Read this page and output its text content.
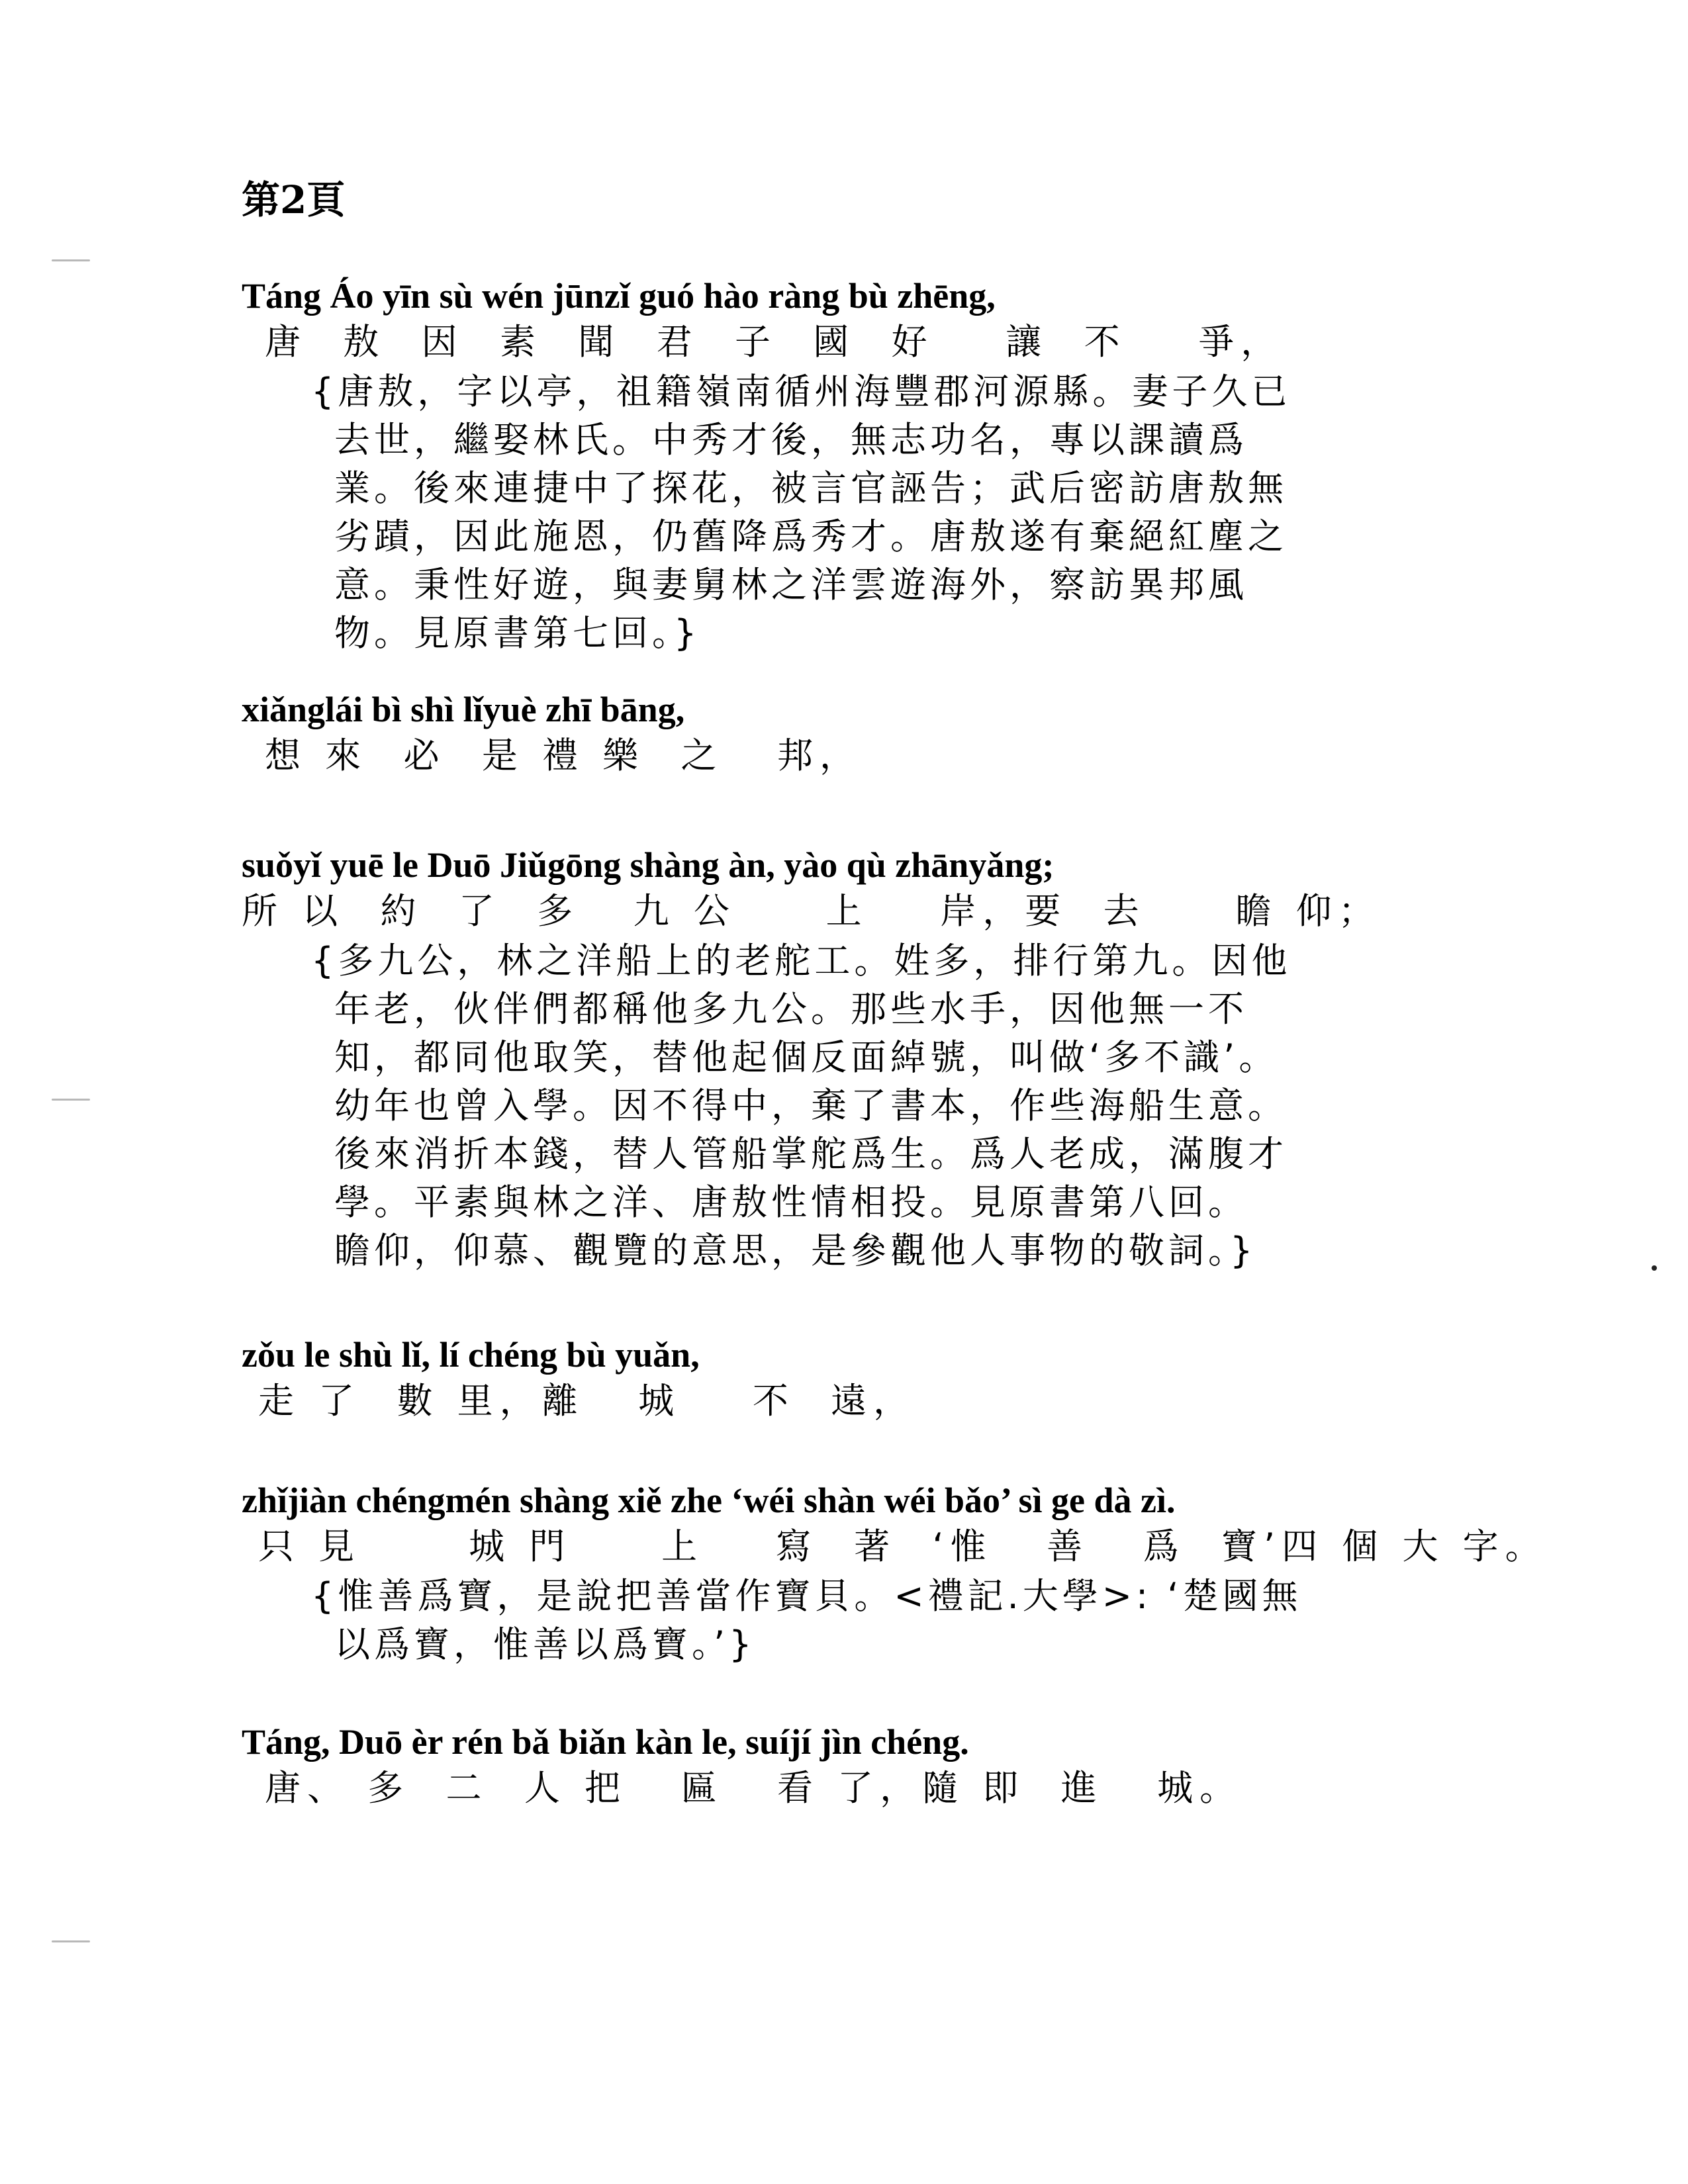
第2頁
Táng Áo yīn sù wén jūnzǐ guó hào ràng bù zhēng,
唐  敖  因  素  聞  君  子  國  好    讓  不    爭，
{唐敖，字以亭，祖籍嶺南循州海豐郡河源縣。妻子久已
去世，繼娶林氏。中秀才後，無志功名，專以課讀爲
業。後來連捷中了探花，被言官誣告；武后密訪唐敖無
劣蹟，因此施恩，仍舊降爲秀才。唐敖遂有棄絕紅塵之
意。秉性好遊，與妻舅林之洋雲遊海外，察訪異邦風
物。見原書第七回。}
xiǎnglái bì shì lǐyuè zhī bāng,
想 來  必  是 禮 樂  之   邦，
suǒyǐ yuē le Duō Jiǔgōng shàng àn, yào qù zhānyǎng;
所 以  約  了  多   九 公     上    岸，要  去     瞻 仰；
{多九公，林之洋船上的老舵工。姓多，排行第九。因他
年老，伙伴們都稱他多九公。那些水手，因他無一不
知，都同他取笑，替他起個反面綽號，叫做‘多不識’。
幼年也曾入學。因不得中，棄了書本，作些海船生意。
後來消折本錢，替人管船掌舵爲生。爲人老成，滿腹才
學。平素與林之洋、唐敖性情相投。見原書第八回。
瞻仰，仰慕、觀覽的意思，是參觀他人事物的敬詞。}
zǒu le shù lǐ, lí chéng bù yuǎn,
走 了  數 里，離   城    不  遠，
zhǐjiàn chéngmén shàng xiě zhe ‘wéi shàn wéi bǎo’ sì ge dà zì.
只 見      城 門     上    寫  著  ‘惟   善   爲  寶’四 個 大 字。
{惟善爲寶，是說把善當作寶貝。<禮記.大學>: ‘楚國無
以爲寶，惟善以爲寶。’}
Táng, Duō èr rén bǎ biǎn kàn le, suíjí jìn chéng.
唐、 多  二  人 把   匾   看 了，隨 即  進   城。
